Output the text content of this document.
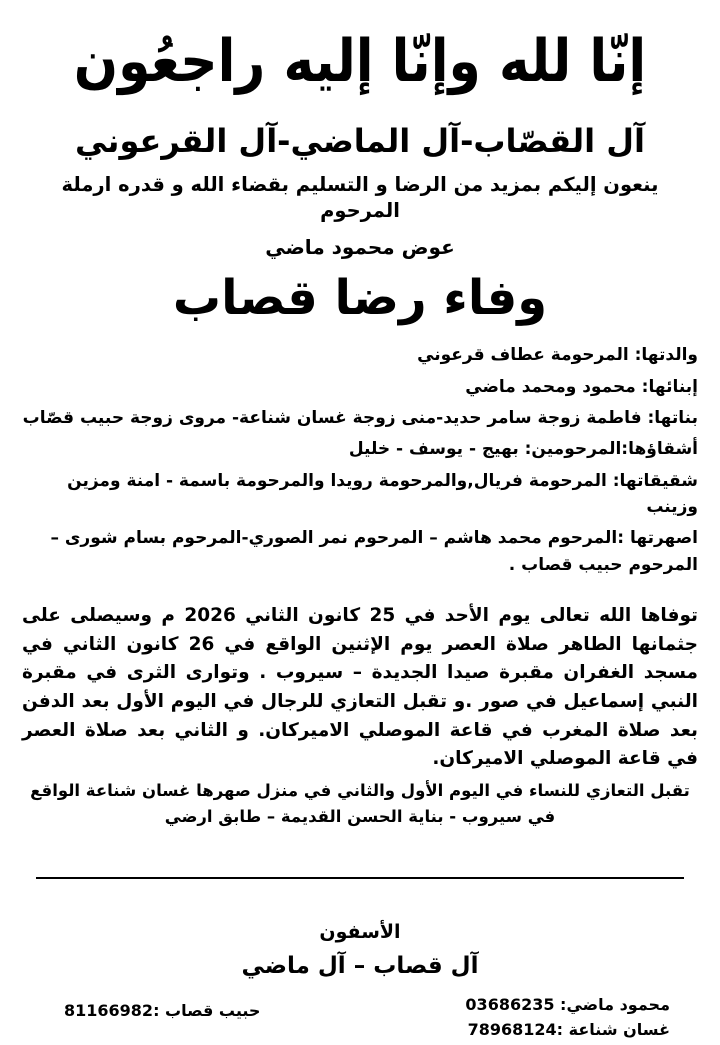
إنّا لله وإنّا إليه راجعُون
آل القصّاب-آل الماضي-آل القرعوني

ينعون إليكم بمزيد من الرضا و التسليم بقضاء الله و قدره ارملة المرحوم

عوض محمود ماضي

وفاء رضا قصاب

والدتها: المرحومة عطاف قرعوني

إبنائها: محمود ومحمد ماضي

بناتها: فاطمة زوجة سامر حديد-منى زوجة غسان شناعة- مروى زوجة حبيب قصّاب

أشقاؤها:المرحومين: بهيج - يوسف - خليل

شقيقاتها: المرحومة فريال,والمرحومة رويدا والمرحومة باسمة - امنة ومزين وزينب

اصهرتها :المرحوم محمد هاشم – المرحوم نمر الصوري-المرحوم بسام شورى – المرحوم حبيب قصاب .

توفاها الله تعالى يوم الأحد في 25 كانون الثاني 2026 م وسيصلى على جثمانها الطاهر صلاة العصر يوم الإثنين الواقع في 26 كانون الثاني في مسجد الغفران مقبرة صيدا الجديدة – سيروب . وتوارى الثرى في مقبرة النبي إسماعيل في صور .و تقبل التعازي للرجال في اليوم الأول بعد الدفن بعد صلاة المغرب في قاعة الموصلي الاميركان. و الثاني بعد صلاة العصر في قاعة الموصلي الاميركان.

تقبل التعازي للنساء في اليوم الأول والثاني في منزل صهرها غسان شناعة الواقع في سيروب - بناية الحسن القديمة – طابق ارضي

الأسفون

آل قصاب – آل ماضي

محمود ماضي: 03686235

غسان شناعة :78968124

حبيب قصاب :81166982
